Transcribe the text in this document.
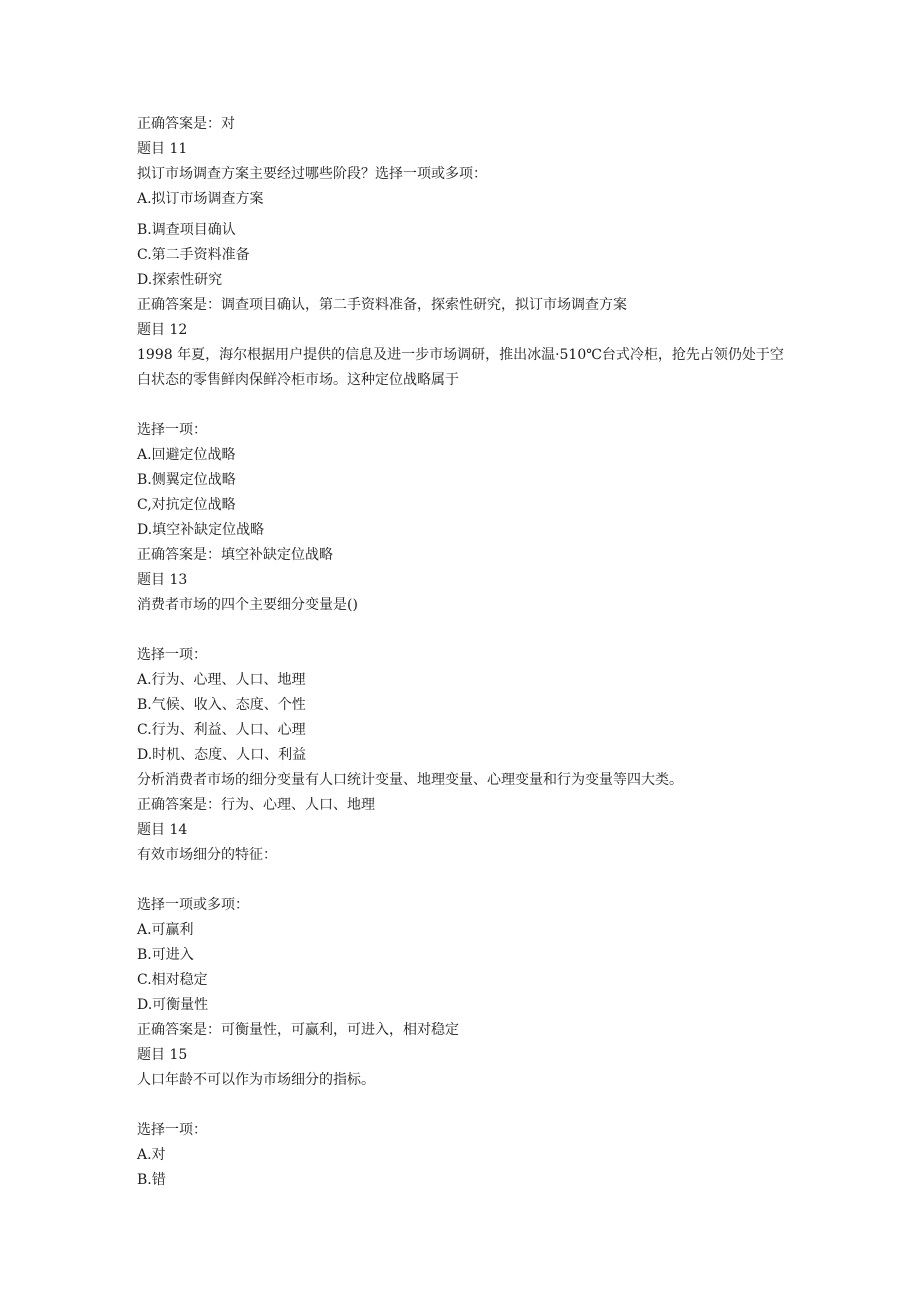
正确答案是：对
题目 11
拟订市场调查方案主要经过哪些阶段？选择一项或多项：
A.拟订市场调查方案
B.调查项目确认
C.第二手资料准备
D.探索性研究
正确答案是：调查项目确认，第二手资料准备，探索性研究，拟订市场调查方案
题目 12
1998 年夏，海尔根据用户提供的信息及进一步市场调研，推出冰温·510℃台式冷柜，抢先占领仍处于空白状态的零售鲜肉保鲜冷柜市场。这种定位战略属于
选择一项：
A.回避定位战略
B.侧翼定位战略
C,对抗定位战略
D.填空补缺定位战略
正确答案是：填空补缺定位战略
题目 13
消费者市场的四个主要细分变量是()
选择一项：
A.行为、心理、人口、地理
B.气候、收入、态度、个性
C.行为、利益、人口、心理
D.时机、态度、人口、利益
分析消费者市场的细分变量有人口统计变量、地理变量、心理变量和行为变量等四大类。
正确答案是：行为、心理、人口、地理
题目 14
有效市场细分的特征：
选择一项或多项：
A.可赢利
B.可进入
C.相对稳定
D.可衡量性
正确答案是：可衡量性，可赢利，可进入，相对稳定
题目 15
人口年龄不可以作为市场细分的指标。
选择一项：
A.对
B.错
